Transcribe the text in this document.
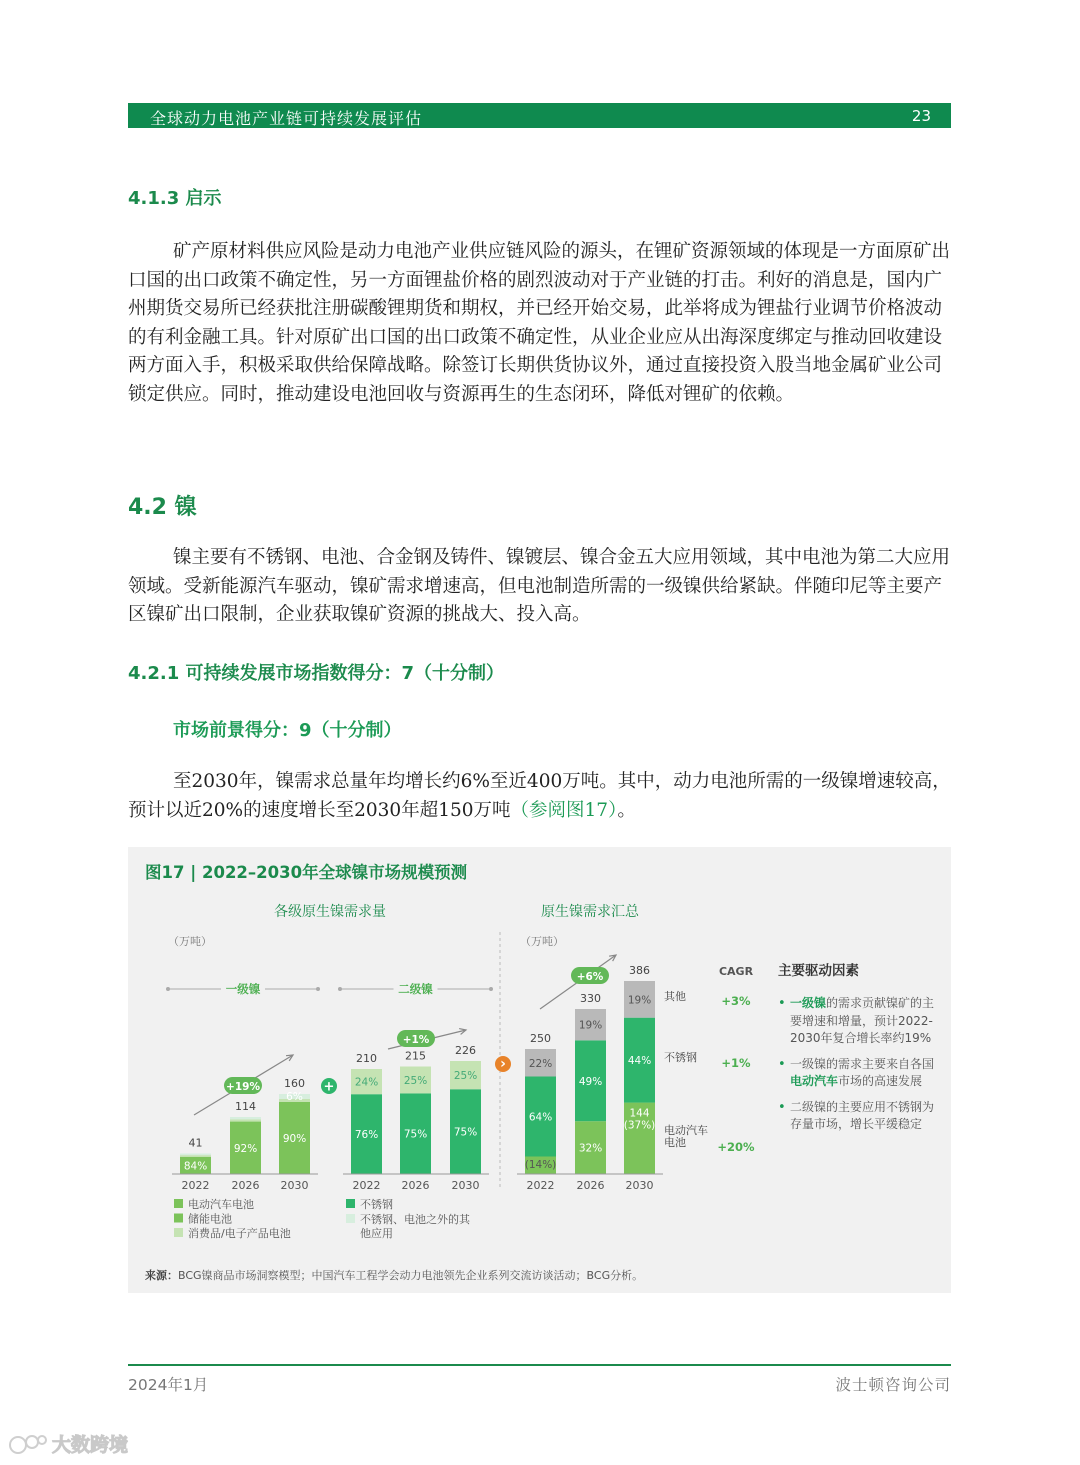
全球动力电池产业链可持续发展评估	23
4.1.3 启示

矿产原材料供应风险是动力电池产业供应链风险的源头，在锂矿资源领域的体现是一方面原矿出口国的出口政策不确定性，另一方面锂盐价格的剧烈波动对于产业链的打击。利好的消息是，国内广州期货交易所已经获批注册碳酸锂期货和期权，并已经开始交易，此举将成为锂盐行业调节价格波动的有利金融工具。针对原矿出口国的出口政策不确定性，从业企业应从出海深度绑定与推动回收建设两方面入手，积极采取供给保障战略。除签订长期供货协议外，通过直接投资入股当地金属矿业公司锁定供应。同时，推动建设电池回收与资源再生的生态闭环，降低对锂矿的依赖。

4.2 镍

镍主要有不锈钢、电池、合金钢及铸件、镍镀层、镍合金五大应用领域，其中电池为第二大应用领域。受新能源汽车驱动，镍矿需求增速高，但电池制造所需的一级镍供给紧缺。伴随印尼等主要产区镍矿出口限制，企业获取镍矿资源的挑战大、投入高。

4.2.1 可持续发展市场指数得分：7（十分制）
市场前景得分：9（十分制）

至2030年，镍需求总量年均增长约6%至近400万吨。其中，动力电池所需的一级镍增速较高，预计以近20%的速度增长至2030年超150万吨（参阅图17）。

图17 | 2022–2030年全球镍市场规模预测
各级原生镍需求量	原生镍需求汇总
（万吨）	（万吨）
84%
41
2022
92%
114
2026
90%
6%
160
2030
76%
24%
210
2022
75%
25%
215
2026
75%
25%
226
2030
(14%)
64%
22%
250
2022
32%
49%
19%
330
2026
144
(37%)
44%
19%
386
2030
一级镍	二级镍
+19%
+1%
+6%
+
›
CAGR
其他	+3%
不锈钢 +1%
电动汽车
电池	+20%
电动汽车电池
储能电池
消费品/电子产品电池
不锈钢
不锈钢、电池之外的其
他应用
主要驱动因素
• 一级镍的需求贡献镍矿的主要增速和增量，预计2022-2030年复合增长率约19%
• 一级镍的需求主要来自各国电动汽车市场的高速发展
• 二级镍的主要应用不锈钢为存量市场，增长平缓稳定
来源：BCG镍商品市场洞察模型；中国汽车工程学会动力电池领先企业系列交流访谈活动；BCG分析。
2024年1月	波士顿咨询公司
大数跨境
